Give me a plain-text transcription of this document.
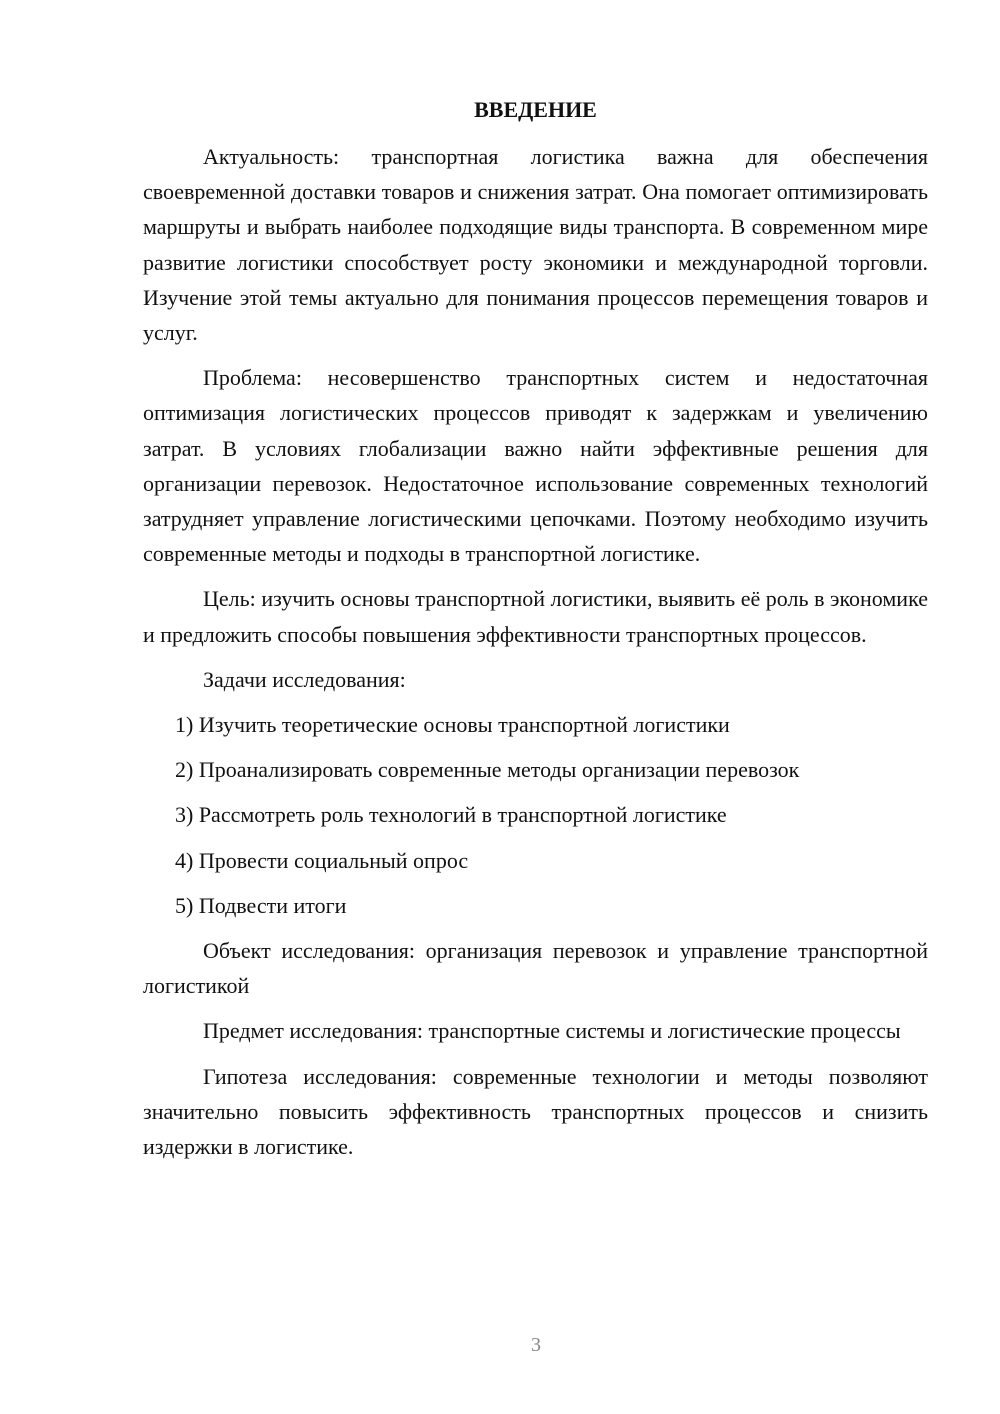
ВВЕДЕНИЕ

Актуальность: транспортная логистика важна для обеспечения своевременной доставки товаров и снижения затрат. Она помогает оптимизировать маршруты и выбрать наиболее подходящие виды транспорта. В современном мире развитие логистики способствует росту экономики и международной торговли. Изучение этой темы актуально для понимания процессов перемещения товаров и услуг.

Проблема: несовершенство транспортных систем и недостаточная оптимизация логистических процессов приводят к задержкам и увеличению затрат. В условиях глобализации важно найти эффективные решения для организации перевозок. Недостаточное использование современных технологий затрудняет управление логистическими цепочками. Поэтому необходимо изучить современные методы и подходы в транспортной логистике.

Цель: изучить основы транспортной логистики, выявить её роль в экономике и предложить способы повышения эффективности транспортных процессов.

Задачи исследования:

1) Изучить теоретические основы транспортной логистики
2) Проанализировать современные методы организации перевозок
3) Рассмотреть роль технологий в транспортной логистике
4) Провести социальный опрос
5) Подвести итоги

Объект исследования: организация перевозок и управление транспортной логистикой

Предмет исследования: транспортные системы и логистические процессы

Гипотеза исследования: современные технологии и методы позволяют значительно повысить эффективность транспортных процессов и снизить издержки в логистике.

3
